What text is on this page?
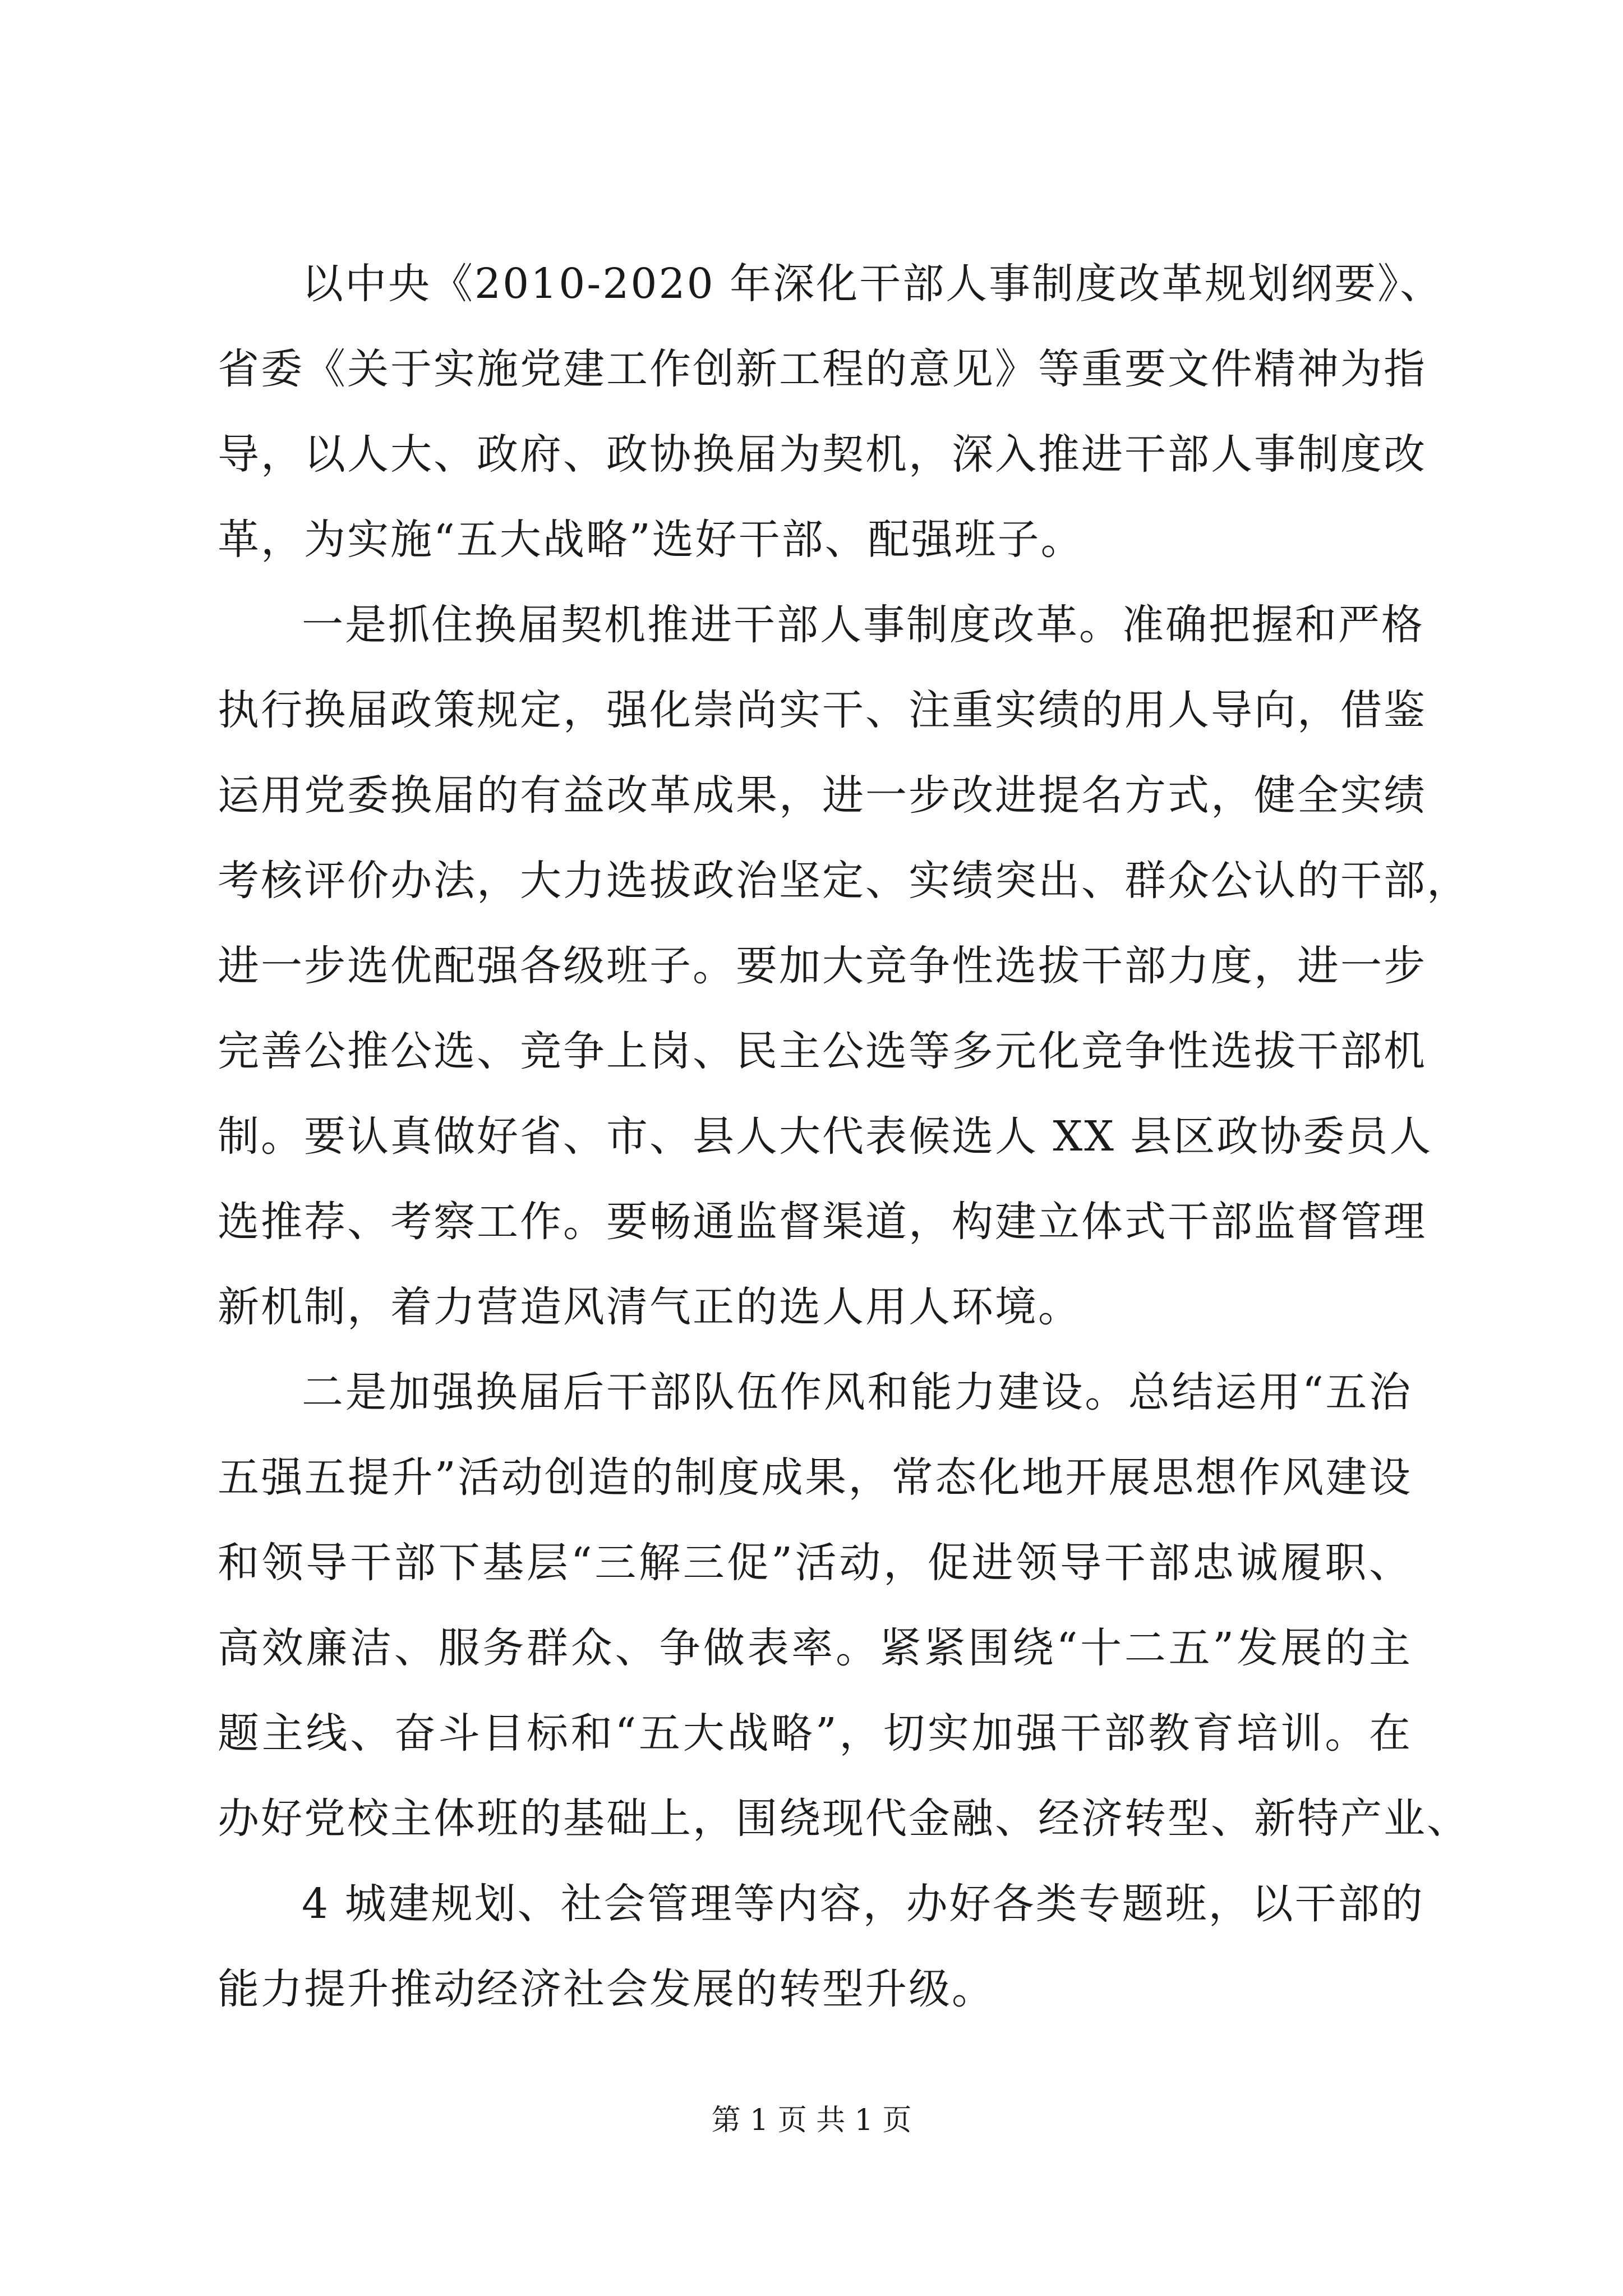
以中央《2010-2020 年深化干部人事制度改革规划纲要》、
省委《关于实施党建工作创新工程的意见》等重要文件精神为指
导，以人大、政府、政协换届为契机，深入推进干部人事制度改
革，为实施“五大战略”选好干部、配强班子。
一是抓住换届契机推进干部人事制度改革。准确把握和严格
执行换届政策规定，强化崇尚实干、注重实绩的用人导向，借鉴
运用党委换届的有益改革成果，进一步改进提名方式，健全实绩
考核评价办法，大力选拔政治坚定、实绩突出、群众公认的干部，
进一步选优配强各级班子。要加大竞争性选拔干部力度，进一步
完善公推公选、竞争上岗、民主公选等多元化竞争性选拔干部机
制。要认真做好省、市、县人大代表候选人 XX 县区政协委员人
选推荐、考察工作。要畅通监督渠道，构建立体式干部监督管理
新机制，着力营造风清气正的选人用人环境。
二是加强换届后干部队伍作风和能力建设。总结运用“五治
五强五提升”活动创造的制度成果，常态化地开展思想作风建设
和领导干部下基层“三解三促”活动，促进领导干部忠诚履职、
高效廉洁、服务群众、争做表率。紧紧围绕“十二五”发展的主
题主线、奋斗目标和“五大战略”，切实加强干部教育培训。在
办好党校主体班的基础上，围绕现代金融、经济转型、新特产业、
4 城建规划、社会管理等内容，办好各类专题班，以干部的
能力提升推动经济社会发展的转型升级。
第 1 页 共 1 页
